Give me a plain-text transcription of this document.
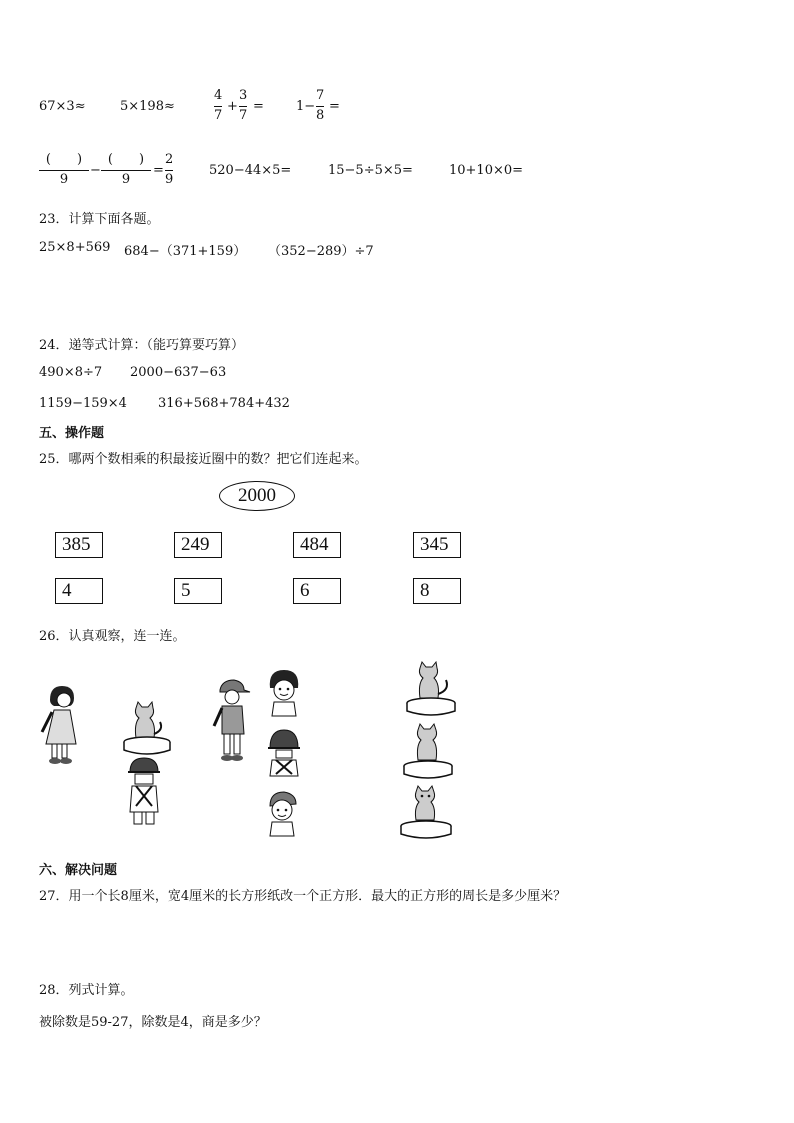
67×3≈	5×198≈
4
7
+
3
7
= 1−
7
8
=
(　　)
9
−
(　　)
9
=
2
9
520−44×5=	15−5÷5×5=	10+10×0=
23．计算下面各题。
25×8+569 684−（371+159） （352−289）÷7
24．递等式计算：（能巧算要巧算）
490×8÷7 2000−637−63
1159−159×4 316+568+784+432
五、操作题
25．哪两个数相乘的积最接近圈中的数？把它们连起来。
2000
385	249	484	345
4	5	6	8
26．认真观察，连一连。
六、解决问题
27．用一个长8厘米，宽4厘米的长方形纸改一个正方形．最大的正方形的周长是多少厘米？
28．列式计算。
被除数是59-27，除数是4，商是多少？
